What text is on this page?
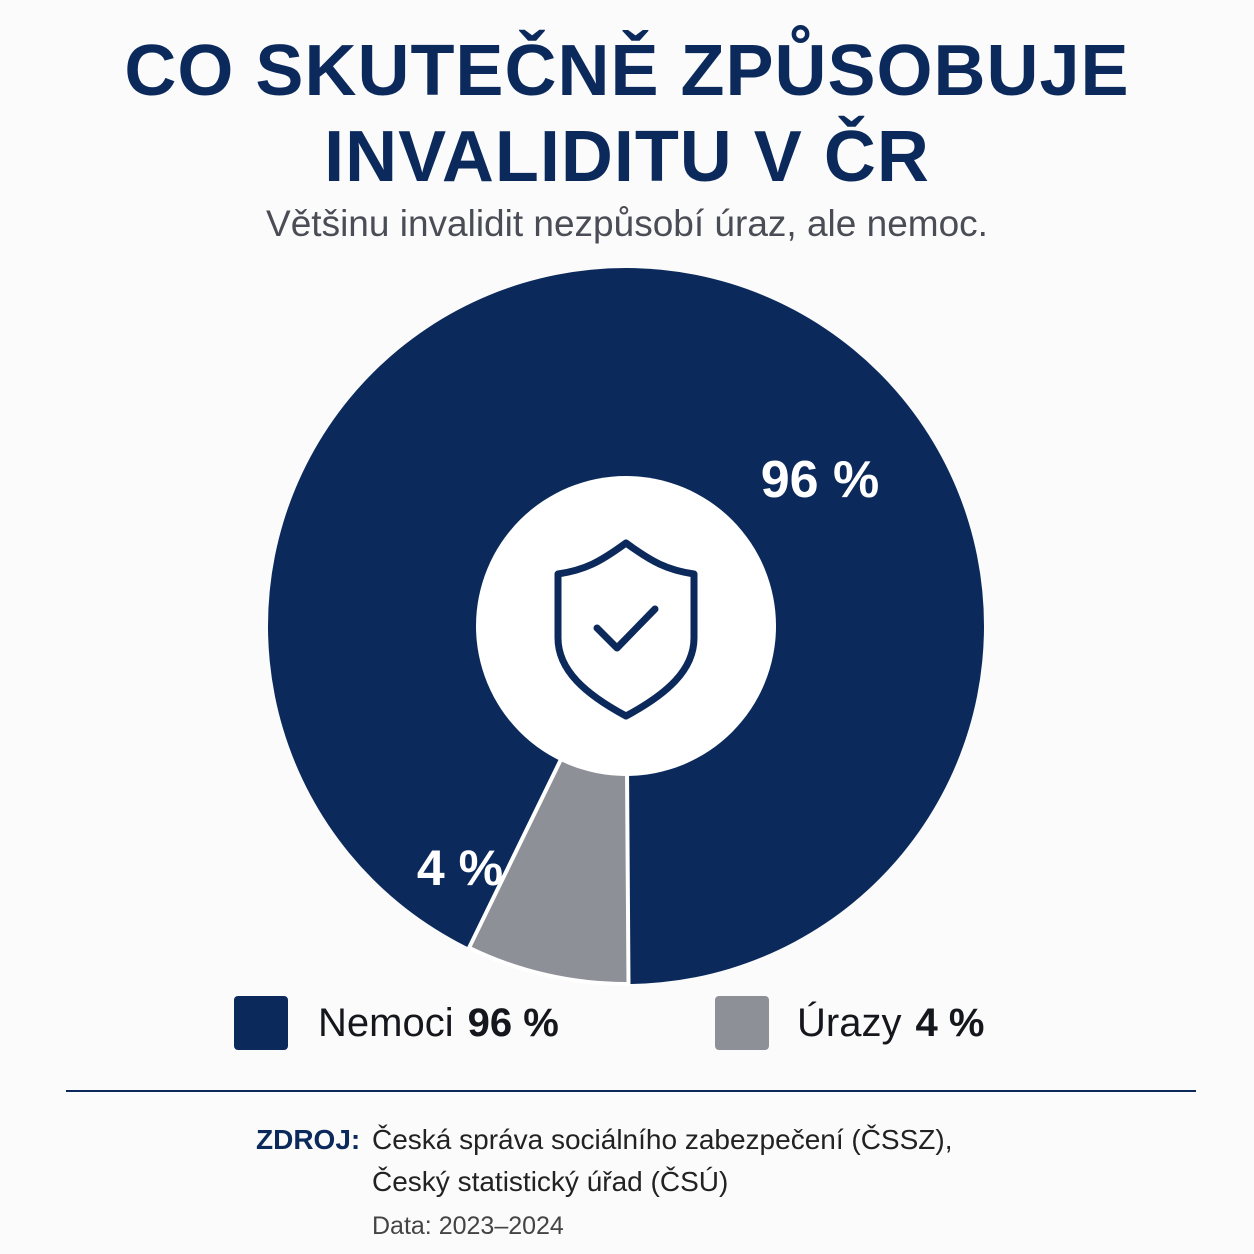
CO SKUTEČNĚ ZPŮSOBUJE
INVALIDITU V ČR
Většinu invalidit nezpůsobí úraz, ale nemoc.
96 %
4 %
Nemoci 96 %	Úrazy 4 %
ZDROJ: Česká správa sociálního zabezpečení (ČSSZ),
Český statistický úřad (ČSÚ)
Data: 2023–2024
